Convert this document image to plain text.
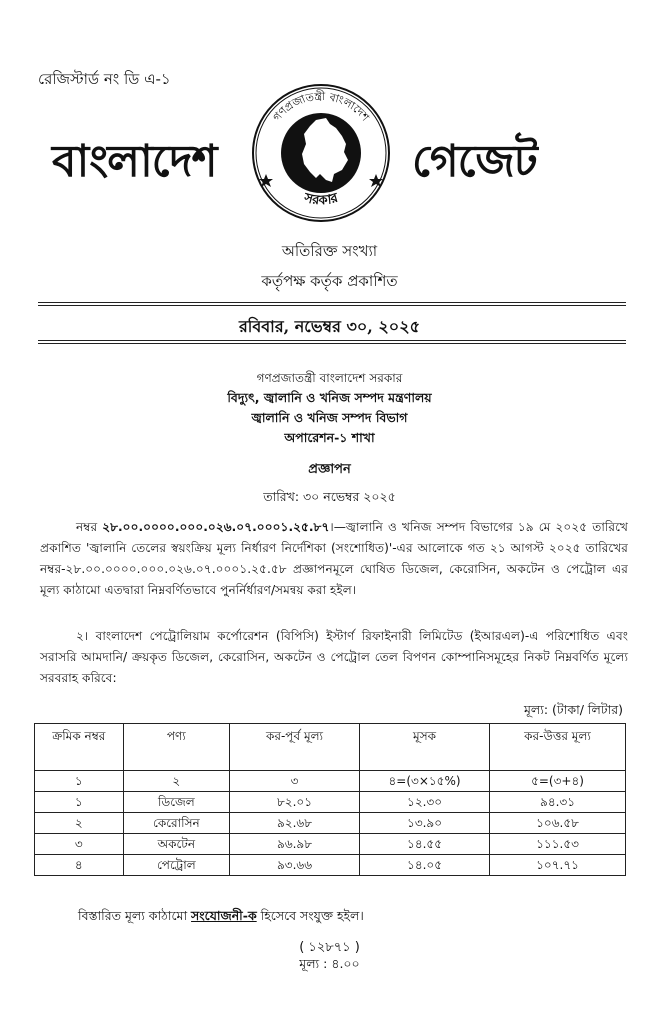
রেজিস্টার্ড নং ডি এ-১
বাংলাদেশ
গণপ্রজাতন্ত্রী বাংলাদেশ
সরকার
গেজেট
অতিরিক্ত সংখ্যা
কর্তৃপক্ষ কর্তৃক প্রকাশিত
রবিবার, নভেম্বর ৩০, ২০২৫
গণপ্রজাতন্ত্রী বাংলাদেশ সরকার
বিদ্যুৎ, জ্বালানি ও খনিজ সম্পদ মন্ত্রণালয়
জ্বালানি ও খনিজ সম্পদ বিভাগ
অপারেশন-১ শাখা
প্রজ্ঞাপন
তারিখ: ৩০ নভেম্বর ২০২৫
নম্বর ২৮.০০.০০০০.০০০.০২৬.০৭.০০০১.২৫.৮৭।—জ্বালানি ও খনিজ সম্পদ বিভাগের ১৯ মে ২০২৫ তারিখে প্রকাশিত 'জ্বালানি তেলের স্বয়ংক্রিয় মূল্য নির্ধারণ নির্দেশিকা (সংশোধিত)'-এর আলোকে গত ২১ আগস্ট ২০২৫ তারিখের নম্বর-২৮.০০.০০০০.০০০.০২৬.০৭.০০০১.২৫.৫৮ প্রজ্ঞাপনমূলে ঘোষিত ডিজেল, কেরোসিন, অকটেন ও পেট্রোল এর মূল্য কাঠামো এতদ্বারা নিম্নবর্ণিতভাবে পুনর্নির্ধারণ/সমন্বয় করা হইল।
২। বাংলাদেশ পেট্রোলিয়াম কর্পোরেশন (বিপিসি) ইস্টার্ণ রিফাইনারী লিমিটেড (ইআরএল)-এ পরিশোধিত এবং সরাসরি আমদানি/ ক্রয়কৃত ডিজেল, কেরোসিন, অকটেন ও পেট্রোল তেল বিপণন কোম্পানিসমূহের নিকট নিম্নবর্ণিত মূল্যে সরবরাহ করিবে:
মূল্য: (টাকা/ লিটার)
ক্রমিক নম্বর	পণ্য	কর-পূর্ব মূল্য	মূসক	কর-উত্তর মূল্য
১	২	৩	৪=(৩×১৫%)	৫=(৩+৪)
১	ডিজেল	৮২.০১	১২.৩০	৯৪.৩১
২	কেরোসিন	৯২.৬৮	১৩.৯০	১০৬.৫৮
৩	অকটেন	৯৬.৯৮	১৪.৫৫	১১১.৫৩
৪	পেট্রোল	৯৩.৬৬	১৪.০৫	১০৭.৭১
বিস্তারিত মূল্য কাঠামো সংযোজনী-ক হিসেবে সংযুক্ত হইল।
( ১২৮৭১ )
মূল্য : ৪.০০
